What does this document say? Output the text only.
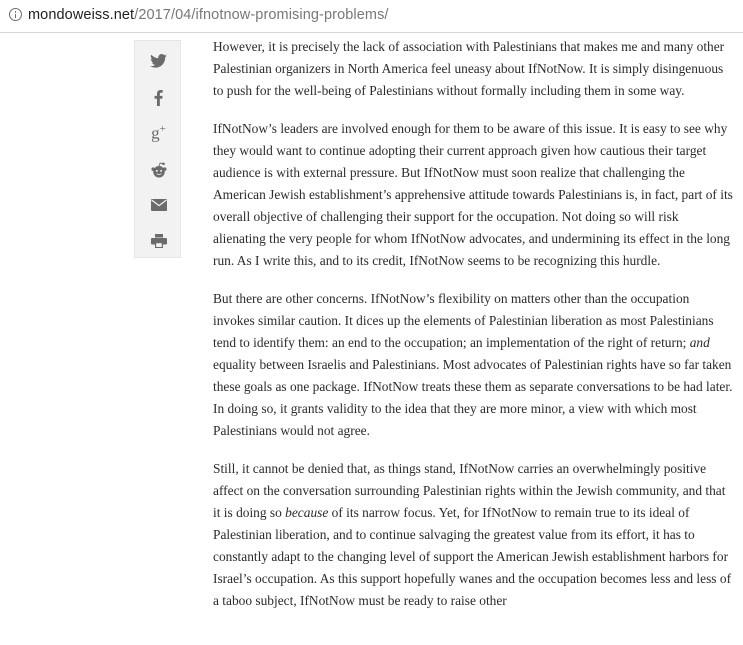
mondoweiss.net/2017/04/ifnotnow-promising-problems/
g+

However, it is precisely the lack of association with Palestinians that makes me and many other Palestinian organizers in North America feel uneasy about IfNotNow. It is simply disingenuous to push for the well-being of Palestinians without formally including them in some way.

IfNotNow’s leaders are involved enough for them to be aware of this issue. It is easy to see why they would want to continue adopting their current approach given how cautious their target audience is with external pressure. But IfNotNow must soon realize that challenging the American Jewish establishment’s apprehensive attitude towards Palestinians is, in fact, part of its overall objective of challenging their support for the occupation. Not doing so will risk alienating the very people for whom IfNotNow advocates, and undermining its effect in the long run. As I write this, and to its credit, IfNotNow seems to be recognizing this hurdle.

But there are other concerns. IfNotNow’s flexibility on matters other than the occupation invokes similar caution. It dices up the elements of Palestinian liberation as most Palestinians tend to identify them: an end to the occupation; an implementation of the right of return; and equality between Israelis and Palestinians. Most advocates of Palestinian rights have so far taken these goals as one package. IfNotNow treats these them as separate conversations to be had later. In doing so, it grants validity to the idea that they are more minor, a view with which most Palestinians would not agree.

Still, it cannot be denied that, as things stand, IfNotNow carries an overwhelmingly positive affect on the conversation surrounding Palestinian rights within the Jewish community, and that it is doing so because of its narrow focus. Yet, for IfNotNow to remain true to its ideal of Palestinian liberation, and to continue salvaging the greatest value from its effort, it has to constantly adapt to the changing level of support the American Jewish establishment harbors for Israel’s occupation. As this support hopefully wanes and the occupation becomes less and less of a taboo subject, IfNotNow must be ready to raise other
